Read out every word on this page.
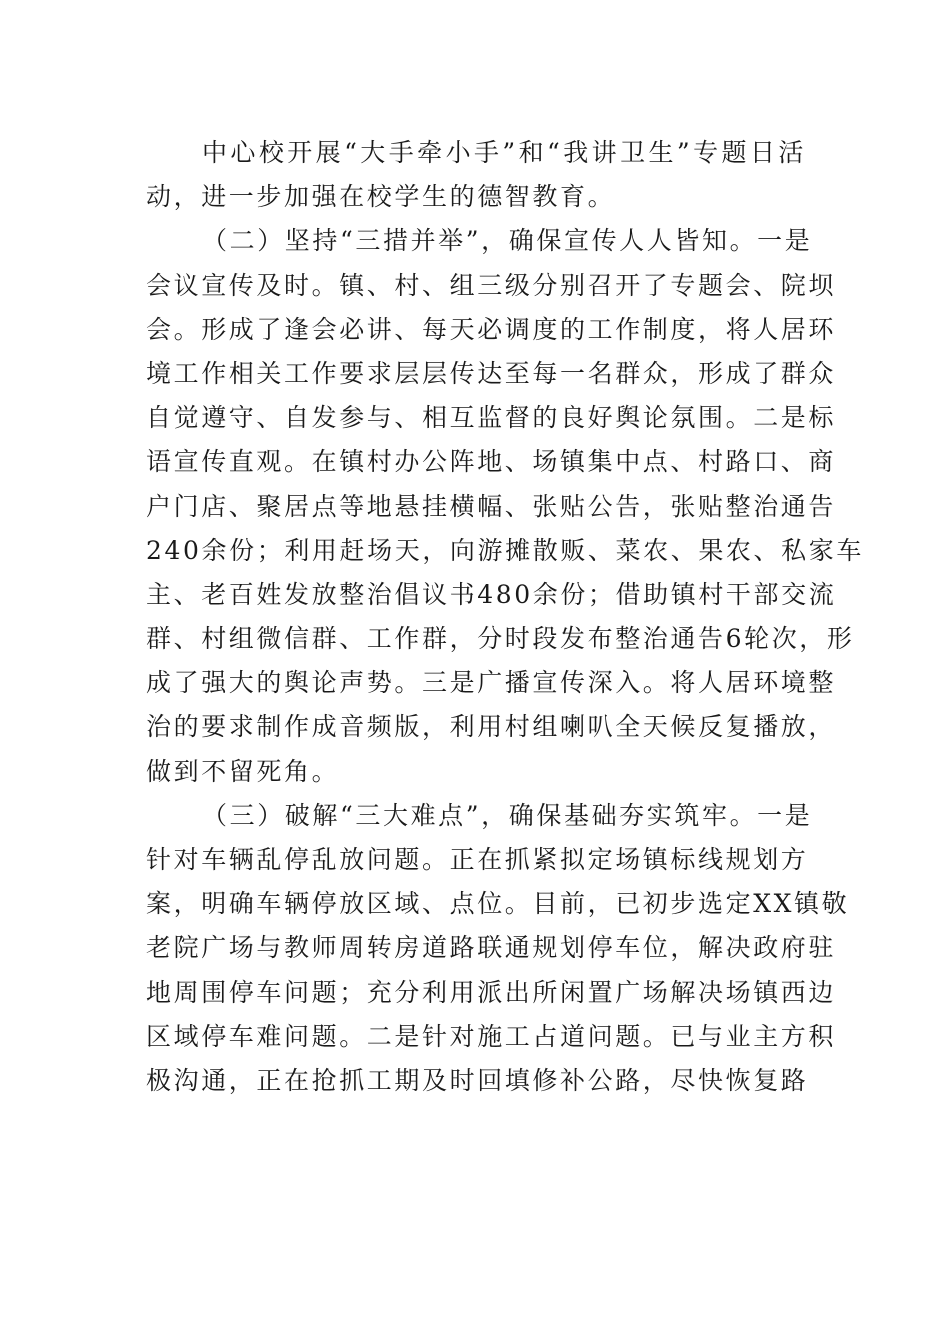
中心校开展“大手牵小手”和“我讲卫生”专题日活
动，进一步加强在校学生的德智教育。
（二）坚持“三措并举”，确保宣传人人皆知。一是
会议宣传及时。镇、村、组三级分别召开了专题会、院坝
会。形成了逢会必讲、每天必调度的工作制度，将人居环
境工作相关工作要求层层传达至每一名群众，形成了群众
自觉遵守、自发参与、相互监督的良好舆论氛围。二是标
语宣传直观。在镇村办公阵地、场镇集中点、村路口、商
户门店、聚居点等地悬挂横幅、张贴公告，张贴整治通告
240余份；利用赶场天，向游摊散贩、菜农、果农、私家车
主、老百姓发放整治倡议书480余份；借助镇村干部交流
群、村组微信群、工作群，分时段发布整治通告6轮次，形
成了强大的舆论声势。三是广播宣传深入。将人居环境整
治的要求制作成音频版，利用村组喇叭全天候反复播放，
做到不留死角。
（三）破解“三大难点”，确保基础夯实筑牢。一是
针对车辆乱停乱放问题。正在抓紧拟定场镇标线规划方
案，明确车辆停放区域、点位。目前，已初步选定XX镇敬
老院广场与教师周转房道路联通规划停车位，解决政府驻
地周围停车问题；充分利用派出所闲置广场解决场镇西边
区域停车难问题。二是针对施工占道问题。已与业主方积
极沟通，正在抢抓工期及时回填修补公路，尽快恢复路
